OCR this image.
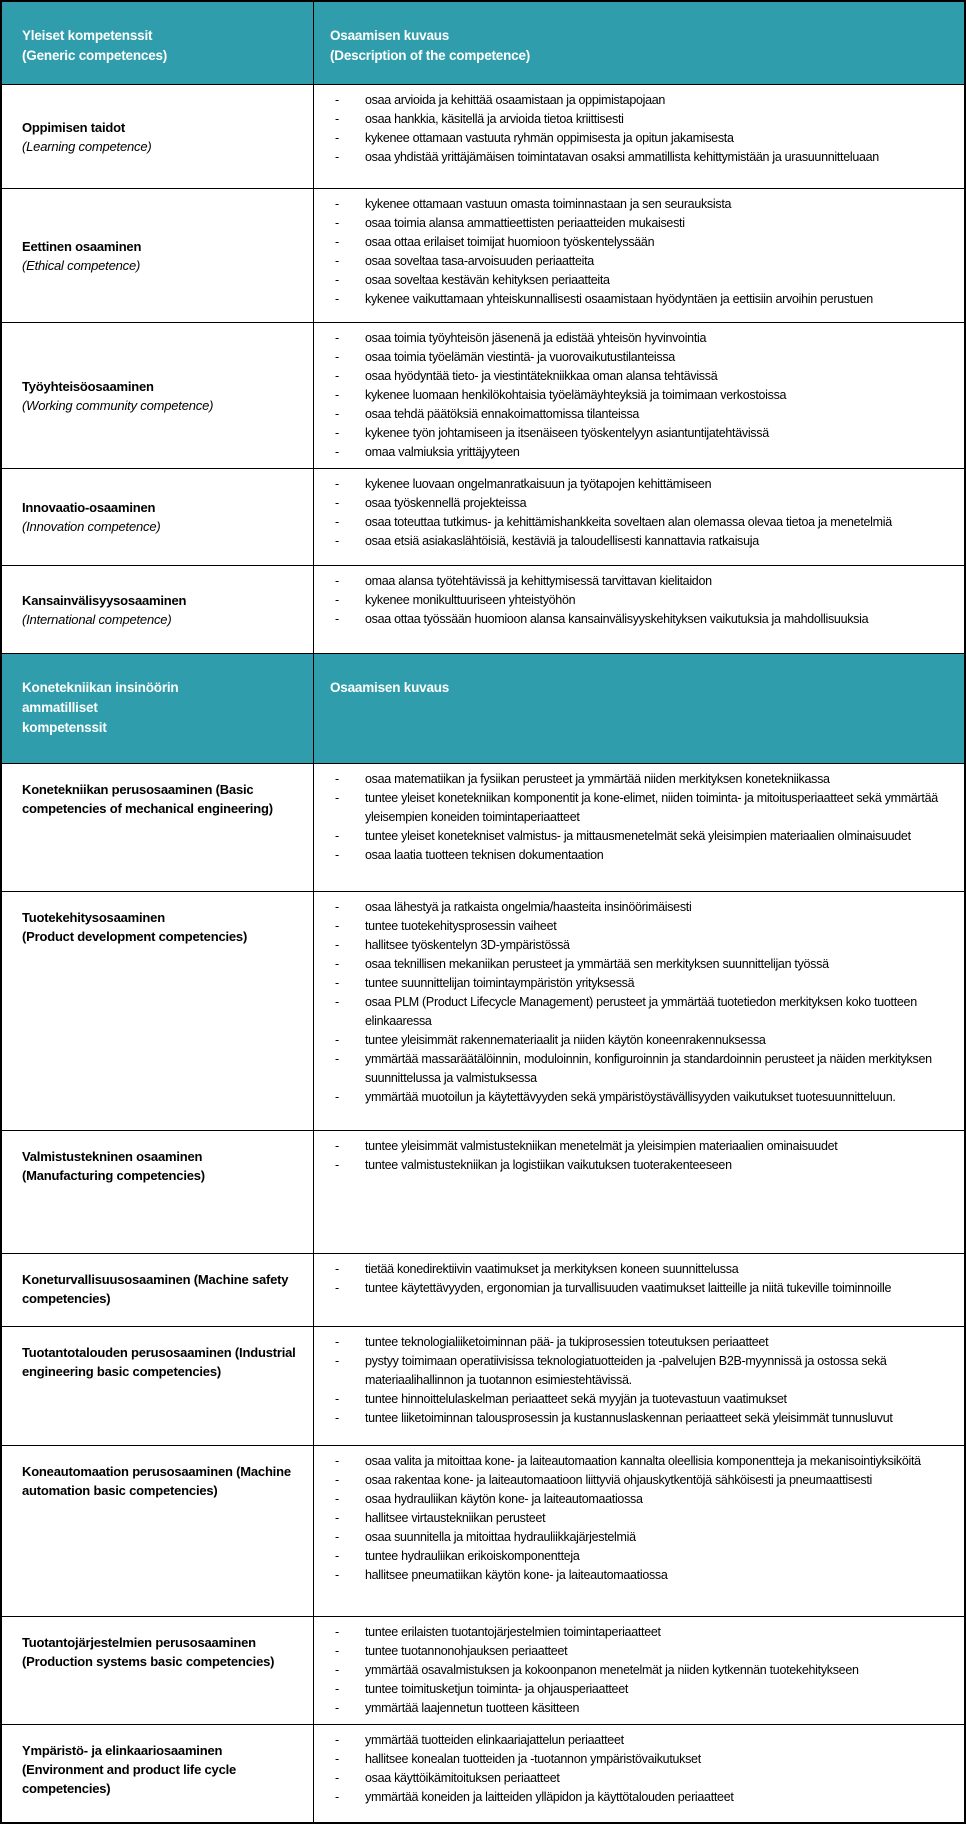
Yleiset kompetenssit
(Generic competences)
Osaamisen kuvaus
(Description of the competence)
Oppimisen taidot
(Learning competence)
-	osaa arvioida ja kehittää osaamistaan ja oppimistapojaan
-	osaa hankkia, käsitellä ja arvioida tietoa kriittisesti
-	kykenee ottamaan vastuuta ryhmän oppimisesta ja opitun jakamisesta
-	osaa yhdistää yrittäjämäisen toimintatavan osaksi ammatillista kehittymistään ja urasuunnitteluaan
Eettinen osaaminen
(Ethical competence)
-	kykenee ottamaan vastuun omasta toiminnastaan ja sen seurauksista
-	osaa toimia alansa ammattieettisten periaatteiden mukaisesti
-	osaa ottaa erilaiset toimijat huomioon työskentelyssään
-	osaa soveltaa tasa-arvoisuuden periaatteita
-	osaa soveltaa kestävän kehityksen periaatteita
-	kykenee vaikuttamaan yhteiskunnallisesti osaamistaan hyödyntäen ja eettisiin arvoihin perustuen
Työyhteisöosaaminen
(Working community competence)
-	osaa toimia työyhteisön jäsenenä ja edistää yhteisön hyvinvointia
-	osaa toimia työelämän viestintä- ja vuorovaikutustilanteissa
-	osaa hyödyntää tieto- ja viestintätekniikkaa oman alansa tehtävissä
-	kykenee luomaan henkilökohtaisia työelämäyhteyksiä ja toimimaan verkostoissa
-	osaa tehdä päätöksiä ennakoimattomissa tilanteissa
-	kykenee työn johtamiseen ja itsenäiseen työskentelyyn asiantuntijatehtävissä
-	omaa valmiuksia yrittäjyyteen
Innovaatio-osaaminen
(Innovation competence)
-	kykenee luovaan ongelmanratkaisuun ja työtapojen kehittämiseen
-	osaa työskennellä projekteissa
-	osaa toteuttaa tutkimus- ja kehittämishankkeita soveltaen alan olemassa olevaa tietoa ja menetelmiä
-	osaa etsiä asiakaslähtöisiä, kestäviä ja taloudellisesti kannattavia ratkaisuja
Kansainvälisyysosaaminen
(International competence)
-	omaa alansa työtehtävissä ja kehittymisessä tarvittavan kielitaidon
-	kykenee monikulttuuriseen yhteistyöhön
-	osaa ottaa työssään huomioon alansa kansainvälisyyskehityksen vaikutuksia ja mahdollisuuksia
Konetekniikan insinöörin
ammatilliset
kompetenssit
Osaamisen kuvaus
Konetekniikan perusosaaminen (Basic competencies of mechanical engineering)
-	osaa matematiikan ja fysiikan perusteet ja ymmärtää niiden merkityksen konetekniikassa
-	tuntee yleiset konetekniikan komponentit ja kone-elimet, niiden toiminta- ja mitoitusperiaatteet sekä ymmärtää yleisempien koneiden toimintaperiaatteet
-	tuntee yleiset konetekniset valmistus- ja mittausmenetelmät sekä yleisimpien materiaalien olminaisuudet
-	osaa laatia tuotteen teknisen dokumentaation
Tuotekehitysosaaminen
(Product development competencies)
-	osaa lähestyä ja ratkaista ongelmia/haasteita insinöörimäisesti
-	tuntee tuotekehitysprosessin vaiheet
-	hallitsee työskentelyn 3D-ympäristössä
-	osaa teknillisen mekaniikan perusteet ja ymmärtää sen merkityksen suunnittelijan työssä
-	tuntee suunnittelijan toimintaympäristön yrityksessä
-	osaa PLM (Product Lifecycle Management) perusteet ja ymmärtää tuotetiedon merkityksen koko tuotteen elinkaaressa
-	tuntee yleisimmät rakennemateriaalit ja niiden käytön koneenrakennuksessa
-	ymmärtää massaräätälöinnin, moduloinnin, konfiguroinnin ja standardoinnin perusteet ja näiden merkityksen suunnittelussa ja valmistuksessa
-	ymmärtää muotoilun ja käytettävyyden sekä ympäristöystävällisyyden vaikutukset tuotesuunnitteluun.
Valmistustekninen osaaminen
(Manufacturing competencies)
-	tuntee yleisimmät valmistustekniikan menetelmät ja yleisimpien materiaalien ominaisuudet
-	tuntee valmistustekniikan ja logistiikan vaikutuksen tuoterakenteeseen
Koneturvallisuusosaaminen (Machine safety competencies)
-	tietää konedirektiivin vaatimukset ja merkityksen koneen suunnittelussa
-	tuntee käytettävyyden, ergonomian ja turvallisuuden vaatimukset laitteille ja niitä tukeville toiminnoille
Tuotantotalouden perusosaaminen (Industrial engineering basic competencies)
-	tuntee teknologialiiketoiminnan pää- ja tukiprosessien toteutuksen periaatteet
-	pystyy toimimaan operatiivisissa teknologiatuotteiden ja -palvelujen B2B-myynnissä ja ostossa sekä materiaalihallinnon ja tuotannon esimiestehtävissä.
-	tuntee hinnoittelulaskelman periaatteet sekä myyjän ja tuotevastuun vaatimukset
-	tuntee liiketoiminnan talousprosessin ja kustannuslaskennan periaatteet sekä yleisimmät tunnusluvut
Koneautomaation perusosaaminen (Machine automation basic competencies)
-	osaa valita ja mitoittaa kone- ja laiteautomaation kannalta oleellisia komponentteja ja mekanisointiyksiköitä
-	osaa rakentaa kone- ja laiteautomaatioon liittyviä ohjauskytkentöjä sähköisesti ja pneumaattisesti
-	osaa hydrauliikan käytön kone- ja laiteautomaatiossa
-	hallitsee virtaustekniikan perusteet
-	osaa suunnitella ja mitoittaa hydrauliikkajärjestelmiä
-	tuntee hydrauliikan erikoiskomponentteja
-	hallitsee pneumatiikan käytön kone- ja laiteautomaatiossa
Tuotantojärjestelmien perusosaaminen (Production systems basic competencies)
-	tuntee erilaisten tuotantojärjestelmien toimintaperiaatteet
-	tuntee tuotannonohjauksen periaatteet
-	ymmärtää osavalmistuksen ja kokoonpanon menetelmät ja niiden kytkennän tuotekehitykseen
-	tuntee toimitusketjun toiminta- ja ohjausperiaatteet
-	ymmärtää laajennetun tuotteen käsitteen
Ympäristö- ja elinkaariosaaminen (Environment and product life cycle competencies)
-	ymmärtää tuotteiden elinkaariajattelun periaatteet
-	hallitsee konealan tuotteiden ja -tuotannon ympäristövaikutukset
-	osaa käyttöikämitoituksen periaatteet
-	ymmärtää koneiden ja laitteiden ylläpidon ja käyttötalouden periaatteet
